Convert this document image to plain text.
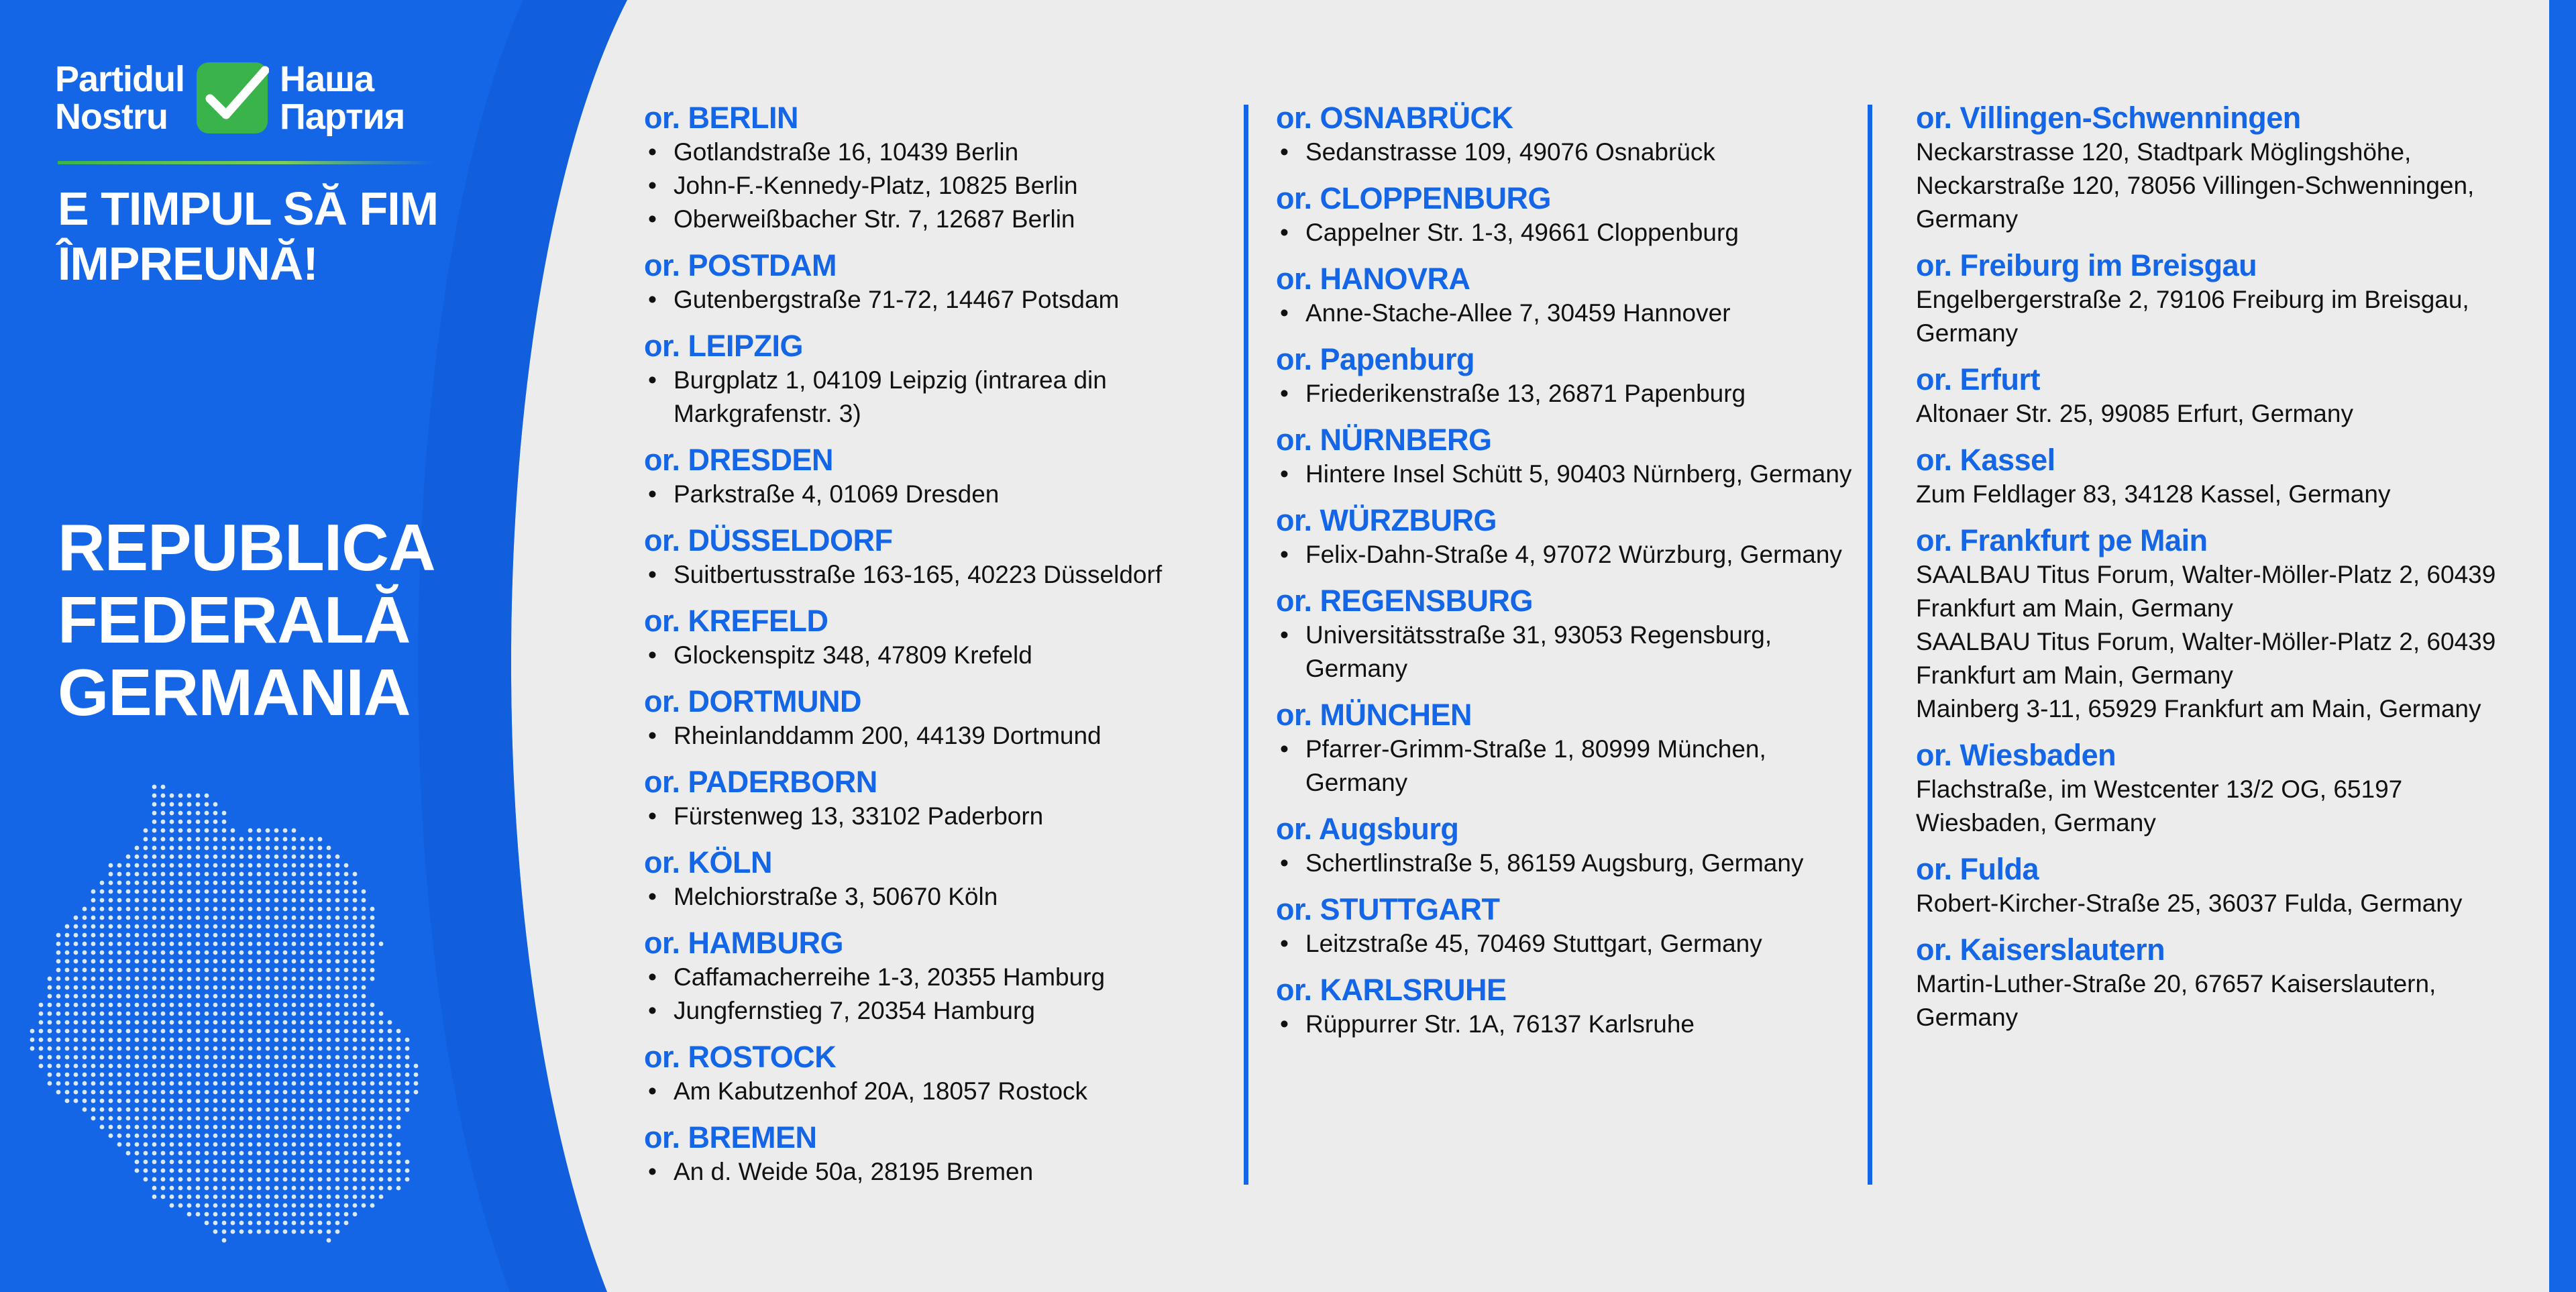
Partidul
Nostru
Наша
Партия
E TIMPUL SĂ FIM
ÎMPREUNĂ!
REPUBLICA
FEDERALĂ
GERMANIA
or. BERLIN
• Gotlandstraße 16, 10439 Berlin
• John-F.-Kennedy-Platz, 10825 Berlin
• Oberweißbacher Str. 7, 12687 Berlin
or. POSTDAM
• Gutenbergstraße 71-72, 14467 Potsdam
or. LEIPZIG
• Burgplatz 1, 04109 Leipzig (intrarea din Markgrafenstr. 3)
or. DRESDEN
• Parkstraße 4, 01069 Dresden
or. DÜSSELDORF
• Suitbertusstraße 163-165, 40223 Düsseldorf
or. KREFELD
• Glockenspitz 348, 47809 Krefeld
or. DORTMUND
• Rheinlanddamm 200, 44139 Dortmund
or. PADERBORN
• Fürstenweg 13, 33102 Paderborn
or. KÖLN
• Melchiorstraße 3, 50670 Köln
or. HAMBURG
• Caffamacherreihe 1-3, 20355 Hamburg
• Jungfernstieg 7, 20354 Hamburg
or. ROSTOCK
• Am Kabutzenhof 20A, 18057 Rostock
or. BREMEN
• An d. Weide 50a, 28195 Bremen
or. OSNABRÜCK
• Sedanstrasse 109, 49076 Osnabrück
or. CLOPPENBURG
• Cappelner Str. 1-3, 49661 Cloppenburg
or. HANOVRA
• Anne-Stache-Allee 7, 30459 Hannover
or. Papenburg
• Friederikenstraße 13, 26871 Papenburg
or. NÜRNBERG
• Hintere Insel Schütt 5, 90403 Nürnberg, Germany
or. WÜRZBURG
• Felix-Dahn-Straße 4, 97072 Würzburg, Germany
or. REGENSBURG
• Universitätsstraße 31, 93053 Regensburg, Germany
or. MÜNCHEN
• Pfarrer-Grimm-Straße 1, 80999 München, Germany
or. Augsburg
• Schertlinstraße 5, 86159 Augsburg, Germany
or. STUTTGART
• Leitzstraße 45, 70469 Stuttgart, Germany
or. KARLSRUHE
• Rüppurrer Str. 1A, 76137 Karlsruhe
or. Villingen-Schwenningen
Neckarstrasse 120, Stadtpark Möglingshöhe, Neckarstraße 120, 78056 Villingen-Schwenningen, Germany
or. Freiburg im Breisgau
Engelbergerstraße 2, 79106 Freiburg im Breisgau, Germany
or. Erfurt
Altonaer Str. 25, 99085 Erfurt, Germany
or. Kassel
Zum Feldlager 83, 34128 Kassel, Germany
or. Frankfurt pe Main
SAALBAU Titus Forum, Walter-Möller-Platz 2, 60439 Frankfurt am Main, Germany
SAALBAU Titus Forum, Walter-Möller-Platz 2, 60439 Frankfurt am Main, Germany
Mainberg 3-11, 65929 Frankfurt am Main, Germany
or. Wiesbaden
Flachstraße, im Westcenter 13/2 OG, 65197 Wiesbaden, Germany
or. Fulda
Robert-Kircher-Straße 25, 36037 Fulda, Germany
or. Kaiserslautern
Martin-Luther-Straße 20, 67657 Kaiserslautern, Germany
